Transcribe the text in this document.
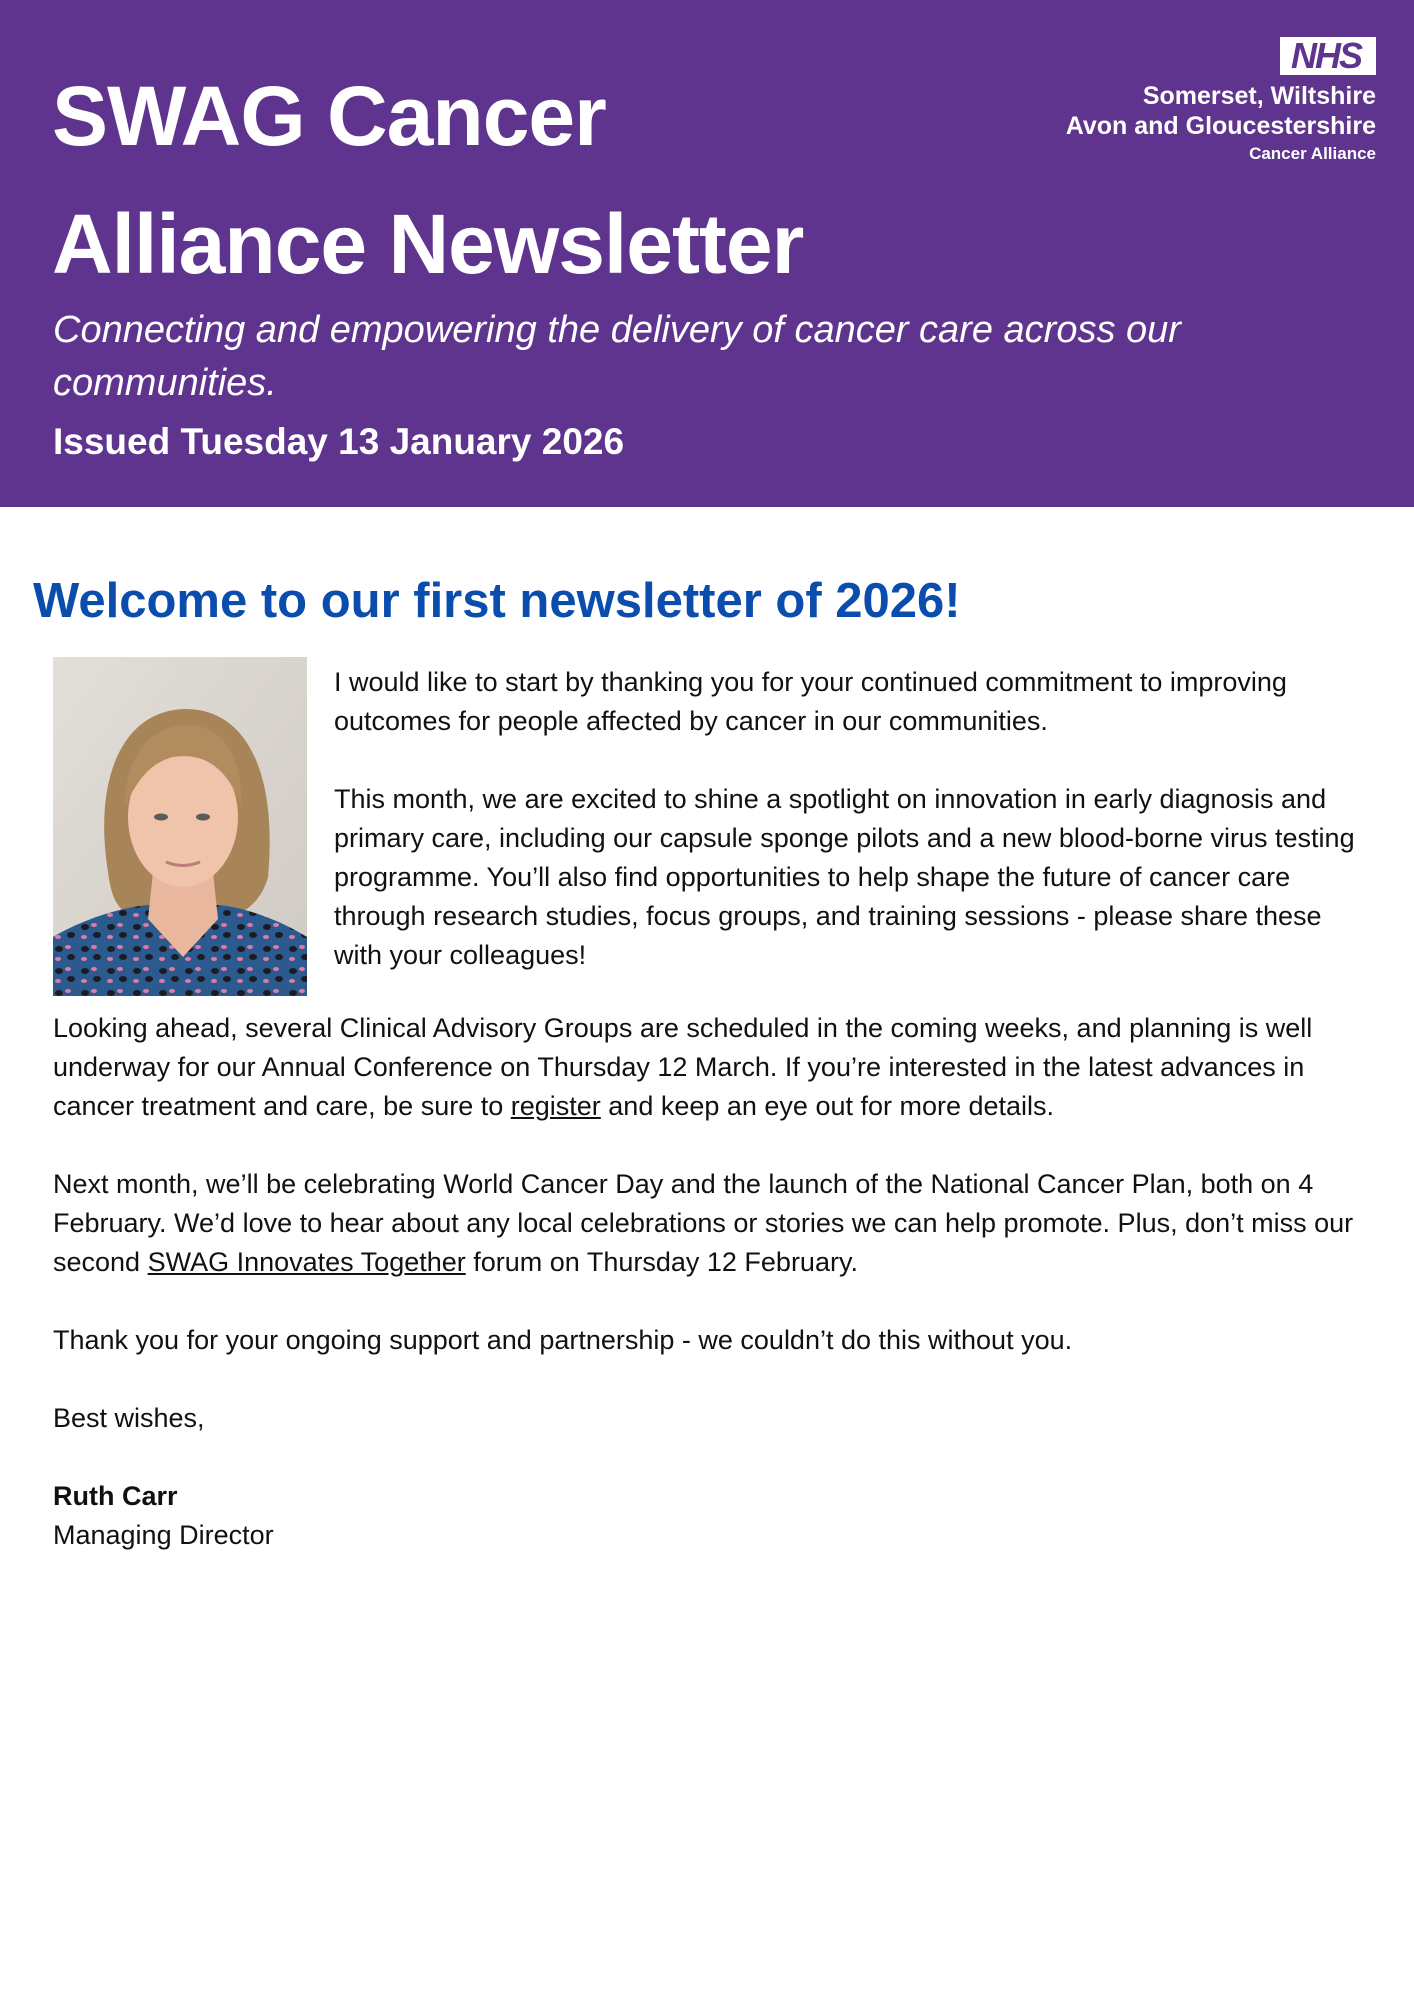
SWAG Cancer
Alliance Newsletter

Connecting and empowering the delivery of cancer care across our communities.

Issued Tuesday 13 January 2026

NHS
Somerset, Wiltshire
Avon and Gloucestershire
Cancer Alliance
Welcome to our first newsletter of 2026!

I would like to start by thanking you for your continued commitment to improving outcomes for people affected by cancer in our communities.

This month, we are excited to shine a spotlight on innovation in early diagnosis and primary care, including our capsule sponge pilots and a new blood-borne virus testing programme. You’ll also find opportunities to help shape the future of cancer care through research studies, focus groups, and training sessions - please share these with your colleagues!

Looking ahead, several Clinical Advisory Groups are scheduled in the coming weeks, and planning is well underway for our Annual Conference on Thursday 12 March. If you’re interested in the latest advances in cancer treatment and care, be sure to register and keep an eye out for more details.

Next month, we’ll be celebrating World Cancer Day and the launch of the National Cancer Plan, both on 4 February. We’d love to hear about any local celebrations or stories we can help promote. Plus, don’t miss our second SWAG Innovates Together forum on Thursday 12 February.

Thank you for your ongoing support and partnership - we couldn’t do this without you.

Best wishes,

Ruth Carr

Managing Director
